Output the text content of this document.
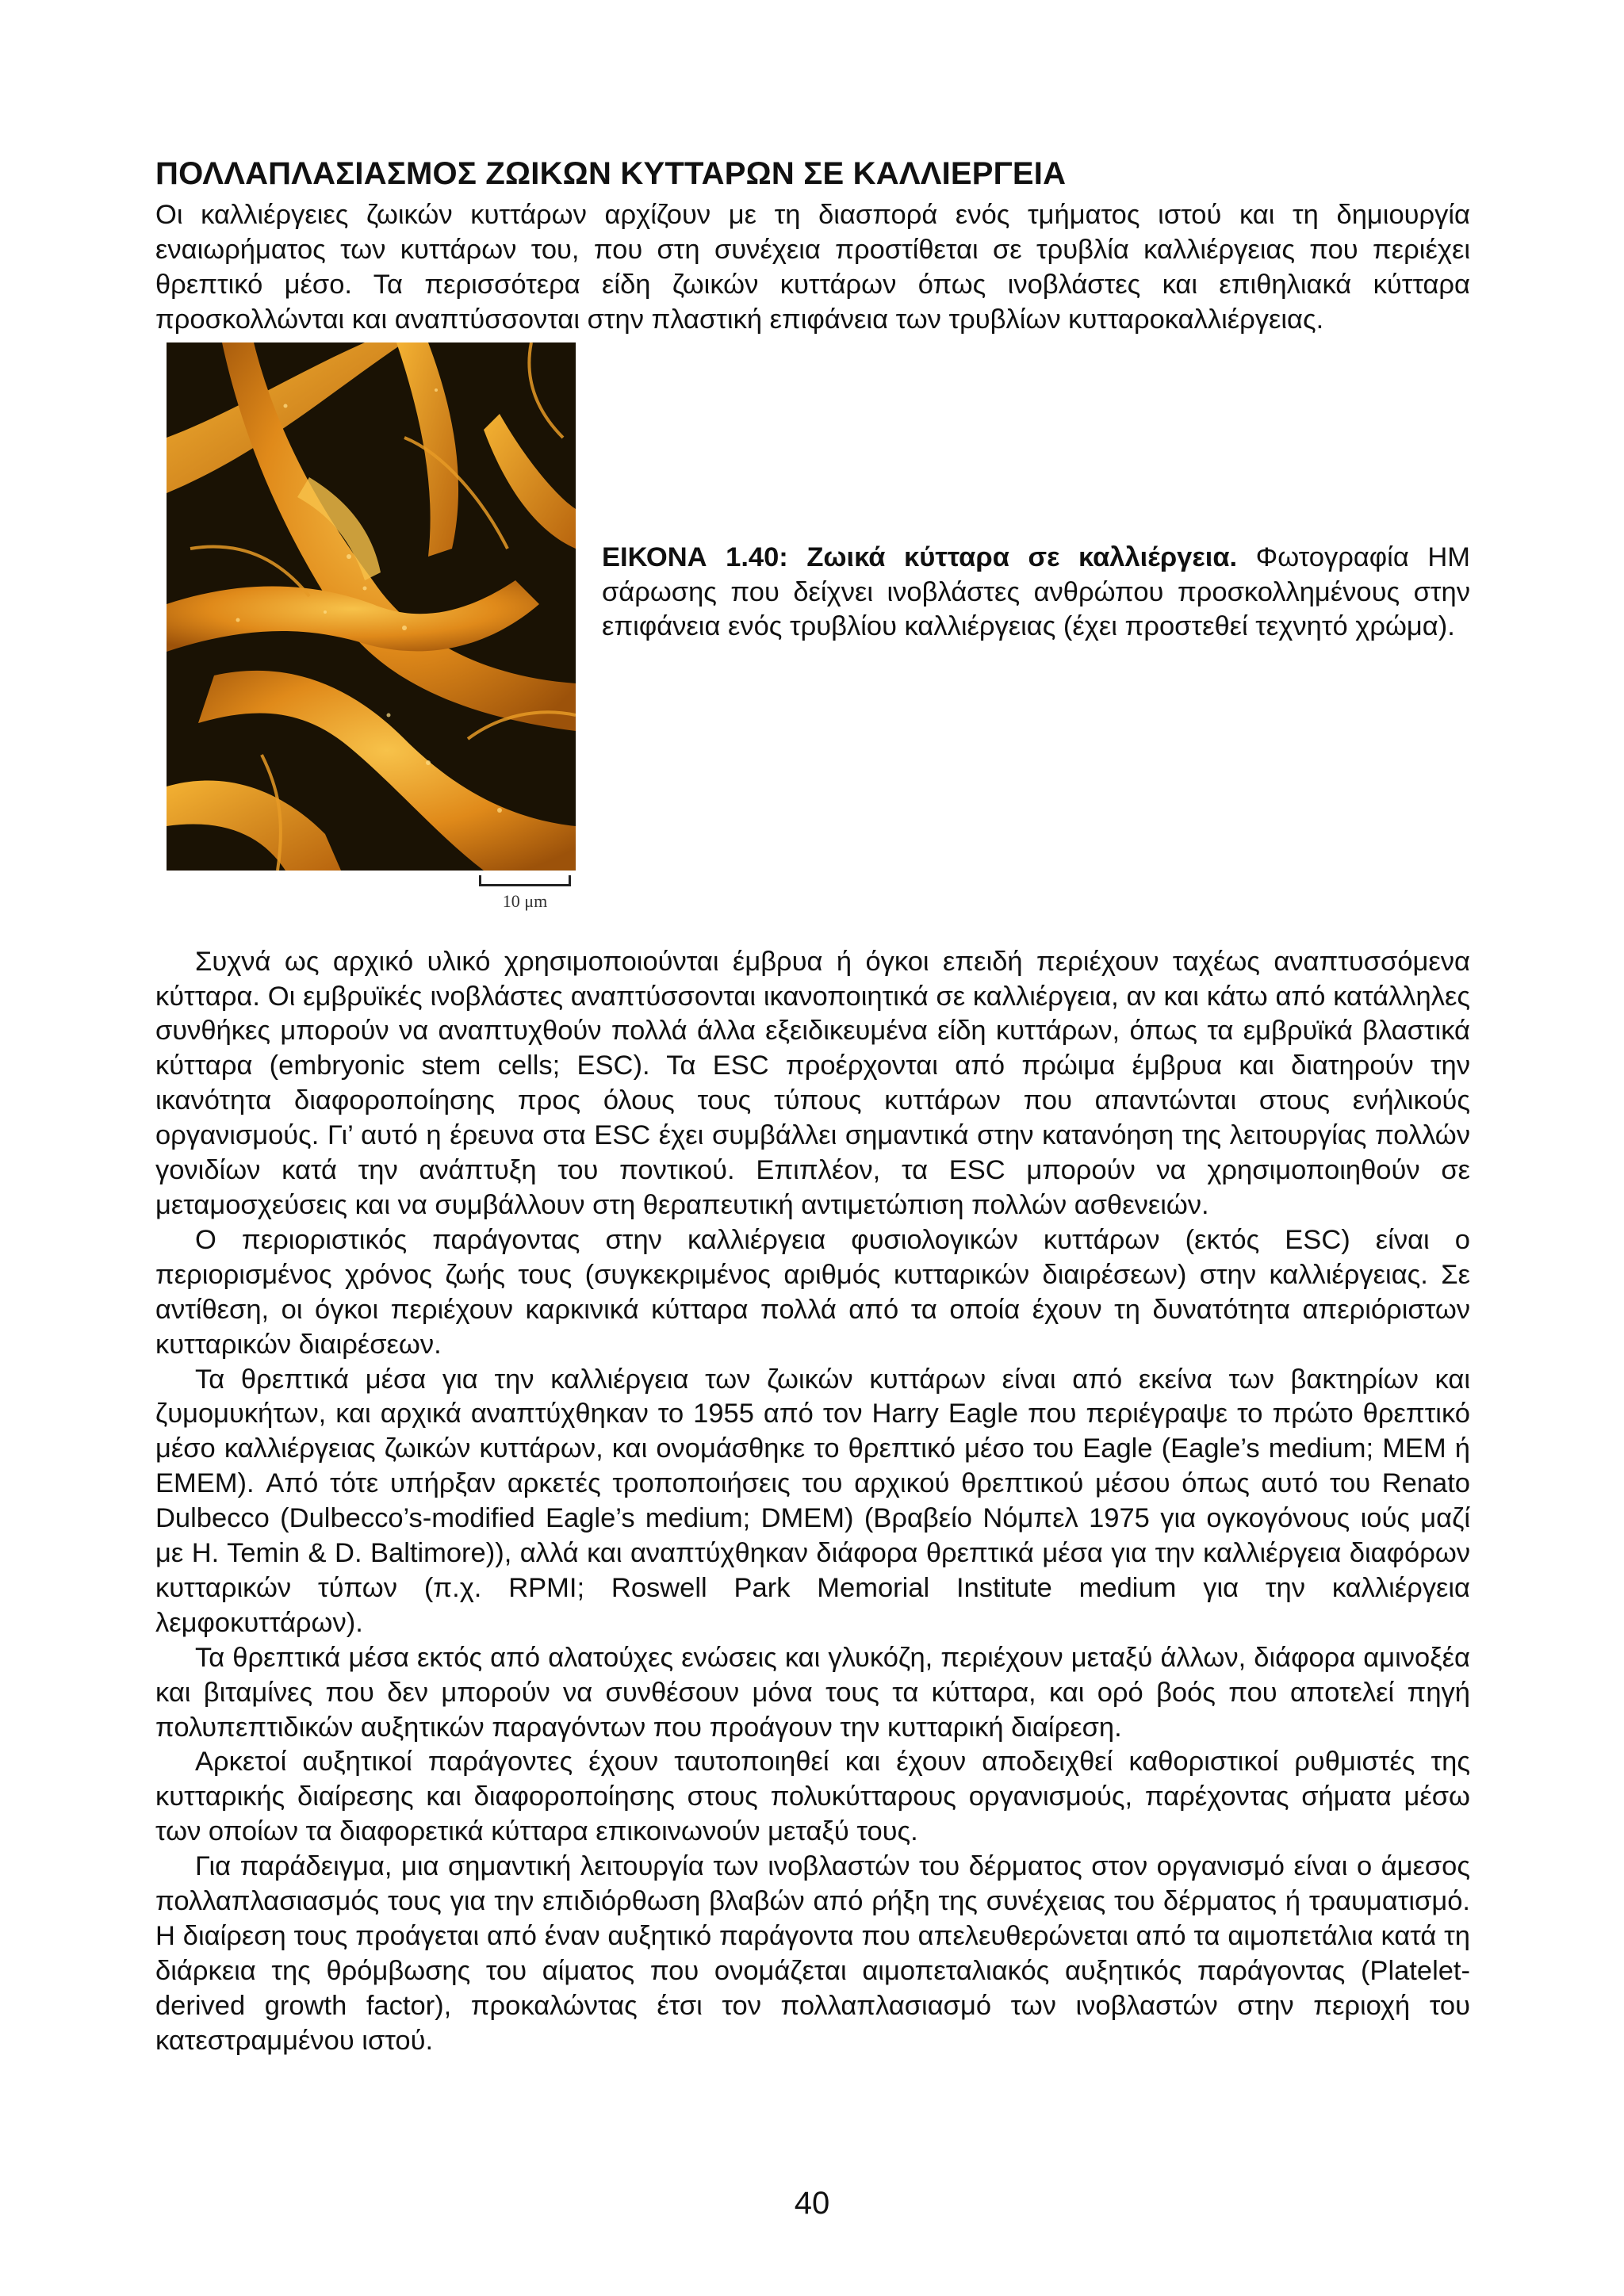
ΠΟΛΛΑΠΛΑΣΙΑΣΜΟΣ ΖΩΙΚΩΝ ΚΥΤΤΑΡΩΝ ΣΕ ΚΑΛΛΙΕΡΓΕΙΑ

Οι καλλιέργειες ζωικών κυττάρων αρχίζουν με τη διασπορά ενός τμήματος ιστού και τη δημιουργία εναιωρήματος των κυττάρων του, που στη συνέχεια προστίθεται σε τρυβλία καλλιέργειας που περιέχει θρεπτικό μέσο. Τα περισσότερα είδη ζωικών κυττάρων όπως ινοβλάστες και επιθηλιακά κύτταρα προσκολλώνται και αναπτύσσονται στην πλαστική επιφάνεια των τρυβλίων κυτταροκαλλιέργειας.

10 μm
ΕΙΚΟΝΑ 1.40: Ζωικά κύτταρα σε καλλιέργεια. Φωτογραφία ΗΜ σάρωσης που δείχνει ινοβλάστες ανθρώπου προσκολλημένους στην επιφάνεια ενός τρυβλίου καλλιέργειας (έχει προστεθεί τεχνητό χρώμα).

Συχνά ως αρχικό υλικό χρησιμοποιούνται έμβρυα ή όγκοι επειδή περιέχουν ταχέως αναπτυσσόμενα κύτταρα. Οι εμβρυϊκές ινοβλάστες αναπτύσσονται ικανοποιητικά σε καλλιέργεια, αν και κάτω από κατάλληλες συνθήκες μπορούν να αναπτυχθούν πολλά άλλα εξειδικευμένα είδη κυττάρων, όπως τα εμβρυϊκά βλαστικά κύτταρα (embryonic stem cells; ESC). Τα ESC προέρχονται από πρώιμα έμβρυα και διατηρούν την ικανότητα διαφοροποίησης προς όλους τους τύπους κυττάρων που απαντώνται στους ενήλικούς οργανισμούς. Γι’ αυτό η έρευνα στα ESC έχει συμβάλλει σημαντικά στην κατανόηση της λειτουργίας πολλών γονιδίων κατά την ανάπτυξη του ποντικού. Επιπλέον, τα ESC μπορούν να χρησιμοποιηθούν σε μεταμοσχεύσεις και να συμβάλλουν στη θεραπευτική αντιμετώπιση πολλών ασθενειών.

Ο περιοριστικός παράγοντας στην καλλιέργεια φυσιολογικών κυττάρων (εκτός ESC) είναι ο περιορισμένος χρόνος ζωής τους (συγκεκριμένος αριθμός κυτταρικών διαιρέσεων) στην καλλιέργειας. Σε αντίθεση, οι όγκοι περιέχουν καρκινικά κύτταρα πολλά από τα οποία έχουν τη δυνατότητα απεριόριστων κυτταρικών διαιρέσεων.

Τα θρεπτικά μέσα για την καλλιέργεια των ζωικών κυττάρων είναι από εκείνα των βακτηρίων και ζυμομυκήτων, και αρχικά αναπτύχθηκαν το 1955 από τον Harry Eagle που περιέγραψε το πρώτο θρεπτικό μέσο καλλιέργειας ζωικών κυττάρων, και ονομάσθηκε το θρεπτικό μέσο του Eagle (Eagle’s medium; MEM ή EMEM). Από τότε υπήρξαν αρκετές τροποποιήσεις του αρχικού θρεπτικού μέσου όπως αυτό του Renato Dulbecco (Dulbecco’s-modified Eagle’s medium; DMEM) (Βραβείο Νόμπελ 1975 για ογκογόνους ιούς μαζί με H. Temin & D. Baltimore)), αλλά και αναπτύχθηκαν διάφορα θρεπτικά μέσα για την καλλιέργεια διαφόρων κυτταρικών τύπων (π.χ. RPMI; Roswell Park Memorial Institute medium για την καλλιέργεια λεμφοκυττάρων).

Τα θρεπτικά μέσα εκτός από αλατούχες ενώσεις και γλυκόζη, περιέχουν μεταξύ άλλων, διάφορα αμινοξέα και βιταμίνες που δεν μπορούν να συνθέσουν μόνα τους τα κύτταρα, και ορό βοός που αποτελεί πηγή πολυπεπτιδικών αυξητικών παραγόντων που προάγουν την κυτταρική διαίρεση.

Αρκετοί αυξητικοί παράγοντες έχουν ταυτοποιηθεί και έχουν αποδειχθεί καθοριστικοί ρυθμιστές της κυτταρικής διαίρεσης και διαφοροποίησης στους πολυκύτταρους οργανισμούς, παρέχοντας σήματα μέσω των οποίων τα διαφορετικά κύτταρα επικοινωνούν μεταξύ τους.

Για παράδειγμα, μια σημαντική λειτουργία των ινοβλαστών του δέρματος στον οργανισμό είναι ο άμεσος πολλαπλασιασμός τους για την επιδιόρθωση βλαβών από ρήξη της συνέχειας του δέρματος ή τραυματισμό. Η διαίρεση τους προάγεται από έναν αυξητικό παράγοντα που απελευθερώνεται από τα αιμοπετάλια κατά τη διάρκεια της θρόμβωσης του αίματος που ονομάζεται αιμοπεταλιακός αυξητικός παράγοντας (Platelet-derived growth factor), προκαλώντας έτσι τον πολλαπλασιασμό των ινοβλαστών στην περιοχή του κατεστραμμένου ιστού.

40
